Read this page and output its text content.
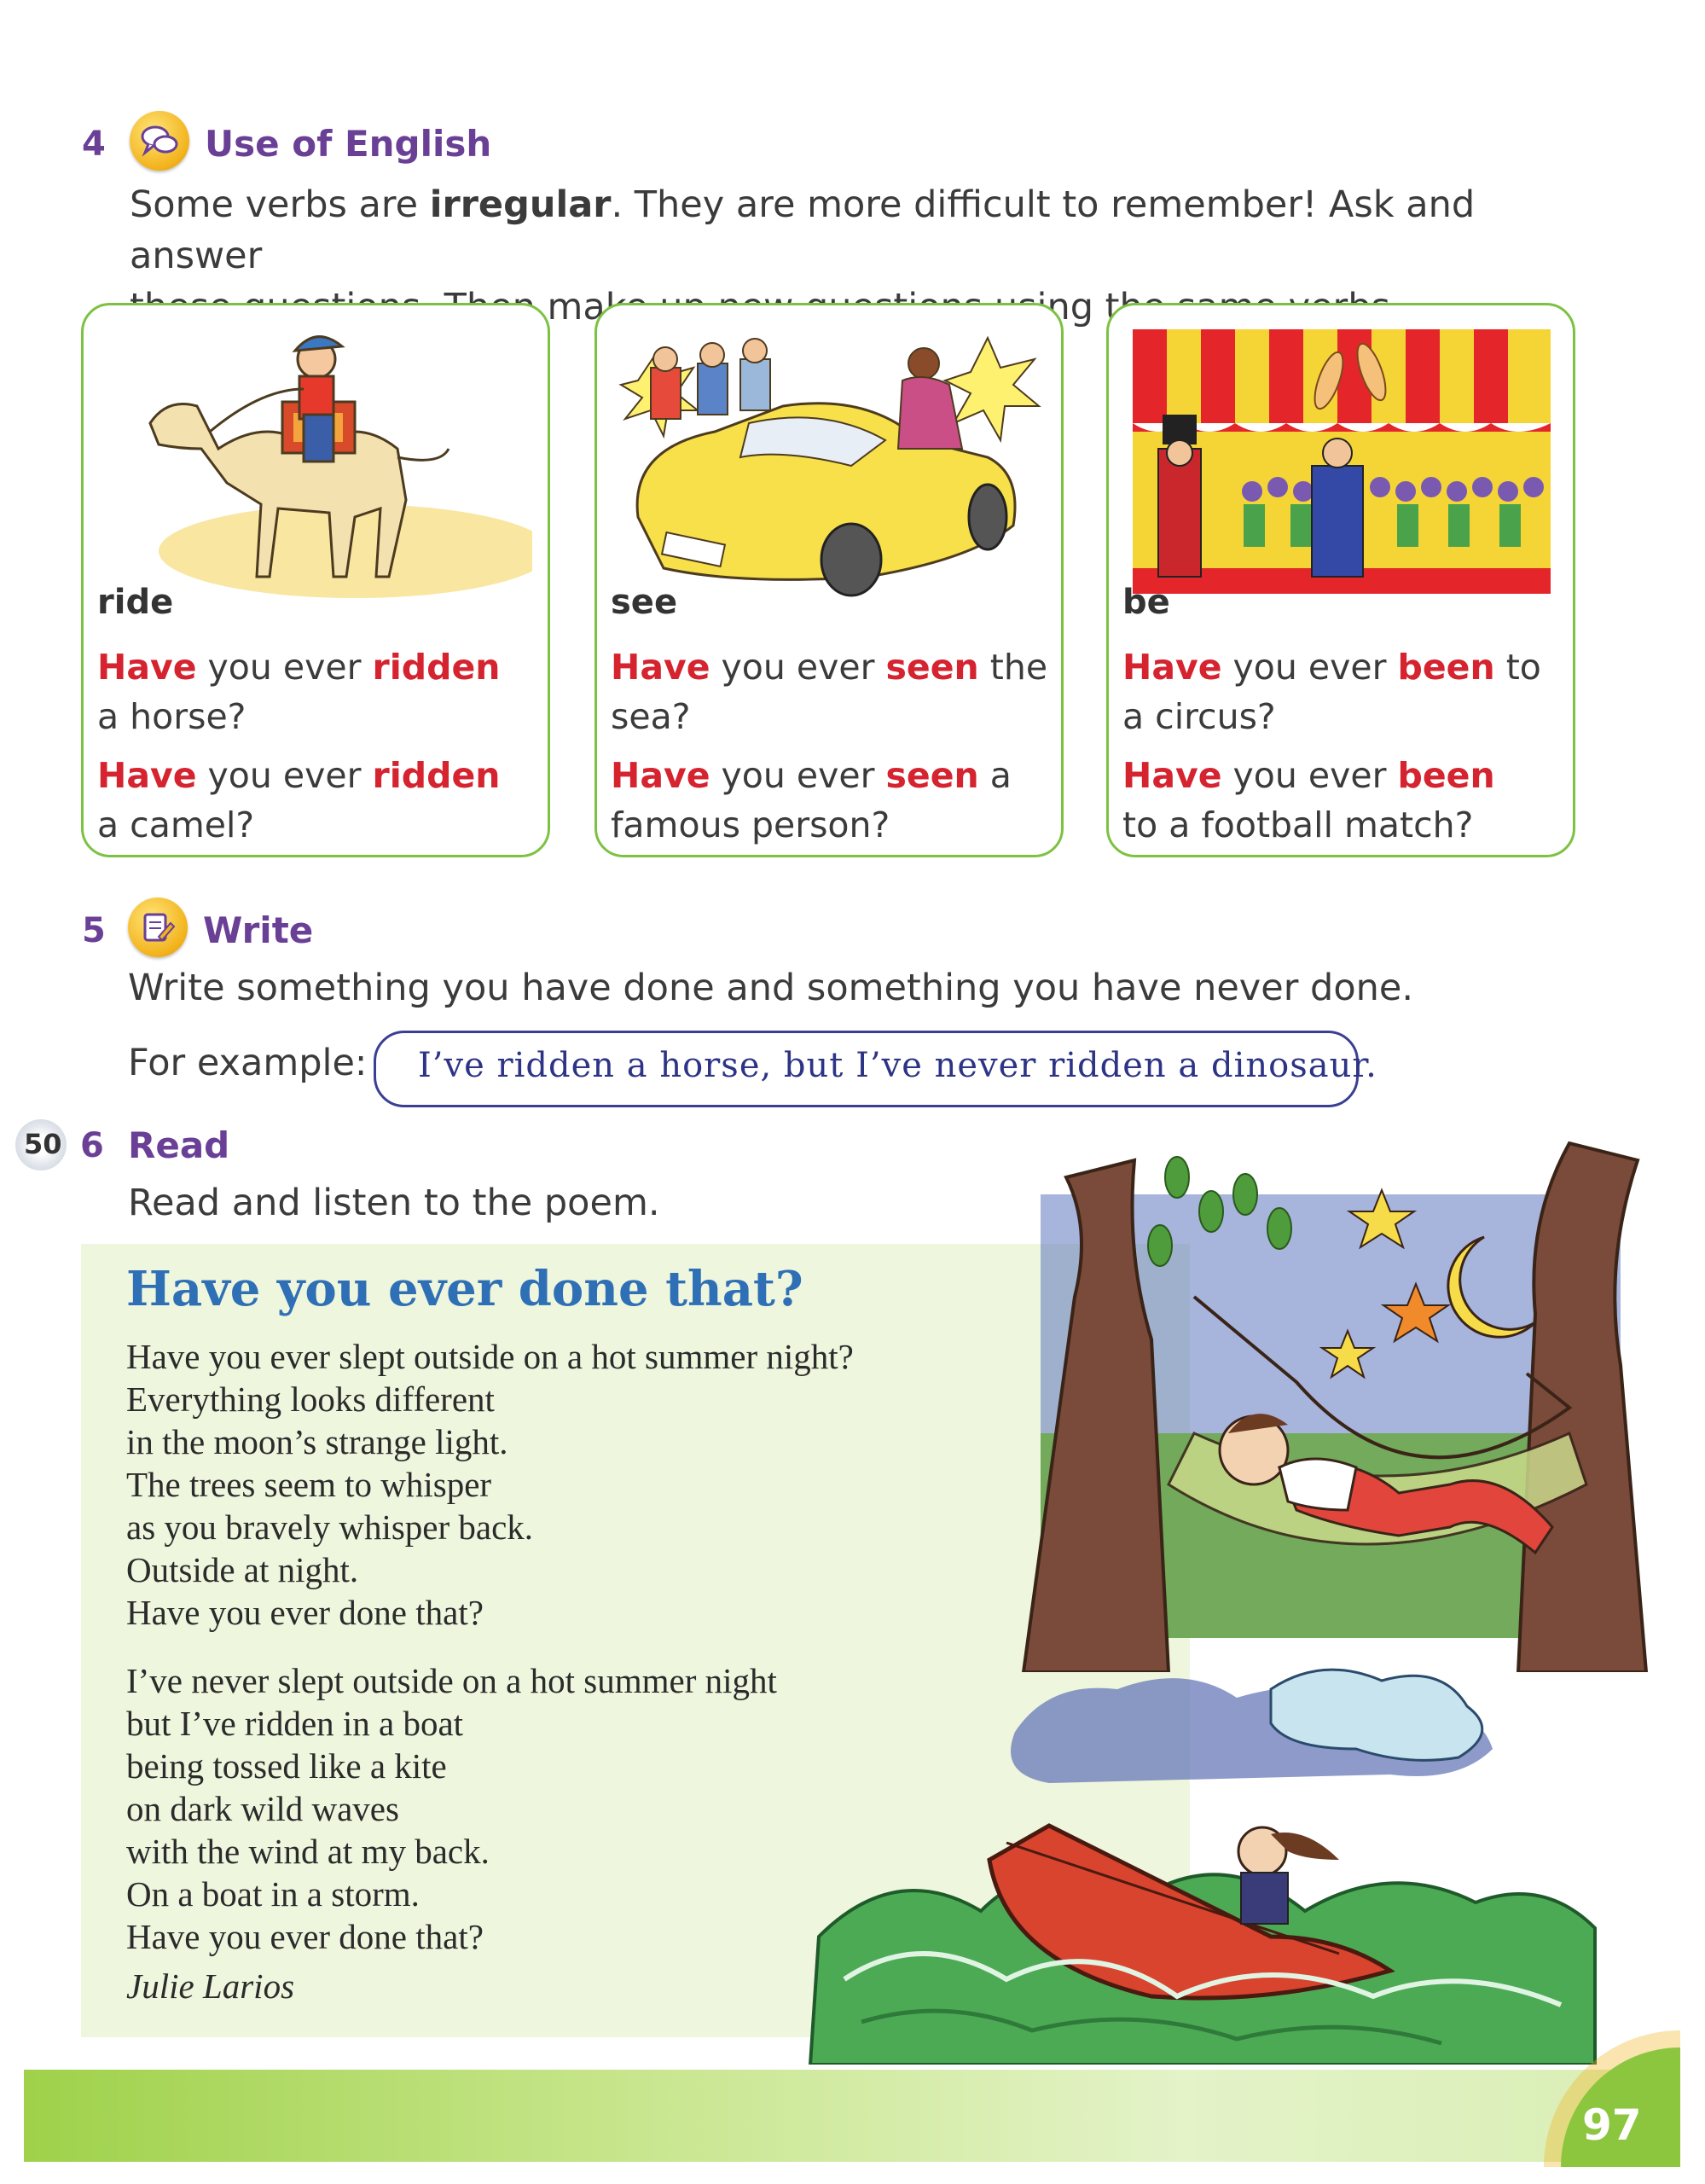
4	Use of English
Some verbs are irregular. They are more difficult to remember! Ask and answer
make
ride
Have you ever ridden
a horse?
Have you ever ridden
a camel?
see
Have you ever seen the
sea?
Have you ever seen a
famous person?
be
Have you ever been to
a circus?
Have you ever been
to a football match?
5	Write
Write something you have done and something you have never done.
For example: I’ve ridden a horse, but I’ve never ridden a dinosaur.
50 6 Read
Read and listen to the poem.
Have you ever done that?
Have you ever slept outside on a hot summer night?
Everything looks different
in the moon’s strange light.
The trees seem to whisper
as you bravely whisper back.
Outside at night.
Have you ever done that?
I’ve never slept outside on a hot summer night
but I’ve ridden in a boat
being tossed like a kite
on dark wild waves
with the wind at my back.
On a boat in a storm.
Have you ever done that?
Julie Larios
97
